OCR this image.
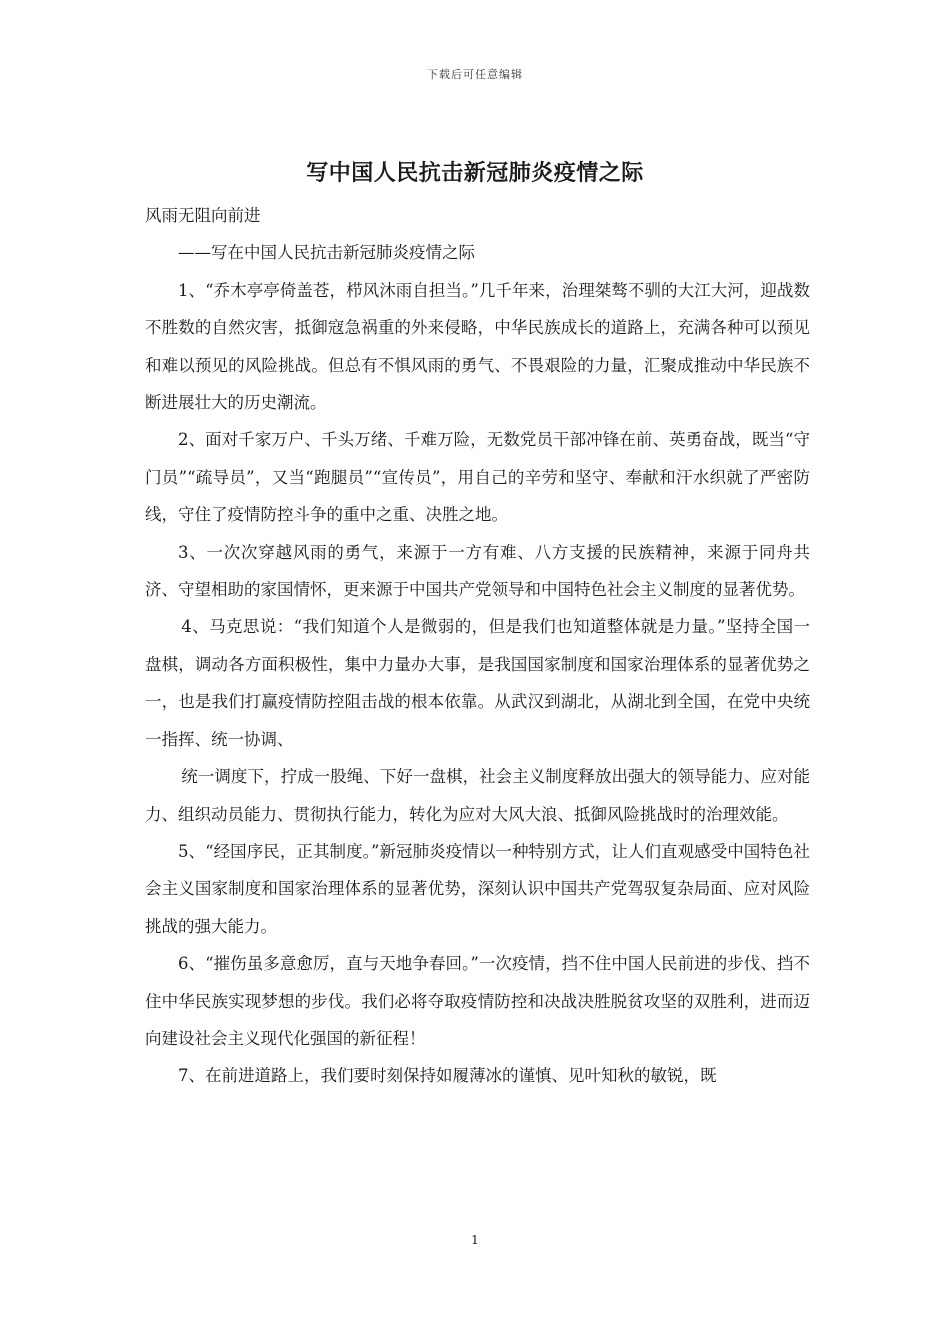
下载后可任意编辑
写中国人民抗击新冠肺炎疫情之际

风雨无阻向前进

——写在中国人民抗击新冠肺炎疫情之际

1、“乔木亭亭倚盖苍，栉风沐雨自担当。”几千年来，治理桀骜不驯的大江大河，迎战数不胜数的自然灾害，抵御寇急祸重的外来侵略，中华民族成长的道路上，充满各种可以预见和难以预见的风险挑战。但总有不惧风雨的勇气、不畏艰险的力量，汇聚成推动中华民族不断进展壮大的历史潮流。

2、面对千家万户、千头万绪、千难万险，无数党员干部冲锋在前、英勇奋战，既当“守门员”“疏导员”，又当“跑腿员”“宣传员”，用自己的辛劳和坚守、奉献和汗水织就了严密防线，守住了疫情防控斗争的重中之重、决胜之地。

3、一次次穿越风雨的勇气，来源于一方有难、八方支援的民族精神，来源于同舟共济、守望相助的家国情怀，更来源于中国共产党领导和中国特色社会主义制度的显著优势。

4、马克思说：“我们知道个人是微弱的，但是我们也知道整体就是力量。”坚持全国一盘棋，调动各方面积极性，集中力量办大事，是我国国家制度和国家治理体系的显著优势之一，也是我们打赢疫情防控阻击战的根本依靠。从武汉到湖北，从湖北到全国，在党中央统一指挥、统一协调、

统一调度下，拧成一股绳、下好一盘棋，社会主义制度释放出强大的领导能力、应对能力、组织动员能力、贯彻执行能力，转化为应对大风大浪、抵御风险挑战时的治理效能。

5、“经国序民，正其制度。”新冠肺炎疫情以一种特别方式，让人们直观感受中国特色社会主义国家制度和国家治理体系的显著优势，深刻认识中国共产党驾驭复杂局面、应对风险挑战的强大能力。

6、“摧伤虽多意愈厉，直与天地争春回。”一次疫情，挡不住中国人民前进的步伐、挡不住中华民族实现梦想的步伐。我们必将夺取疫情防控和决战决胜脱贫攻坚的双胜利，进而迈向建设社会主义现代化强国的新征程！

7、在前进道路上，我们要时刻保持如履薄冰的谨慎、见叶知秋的敏锐，既

1
